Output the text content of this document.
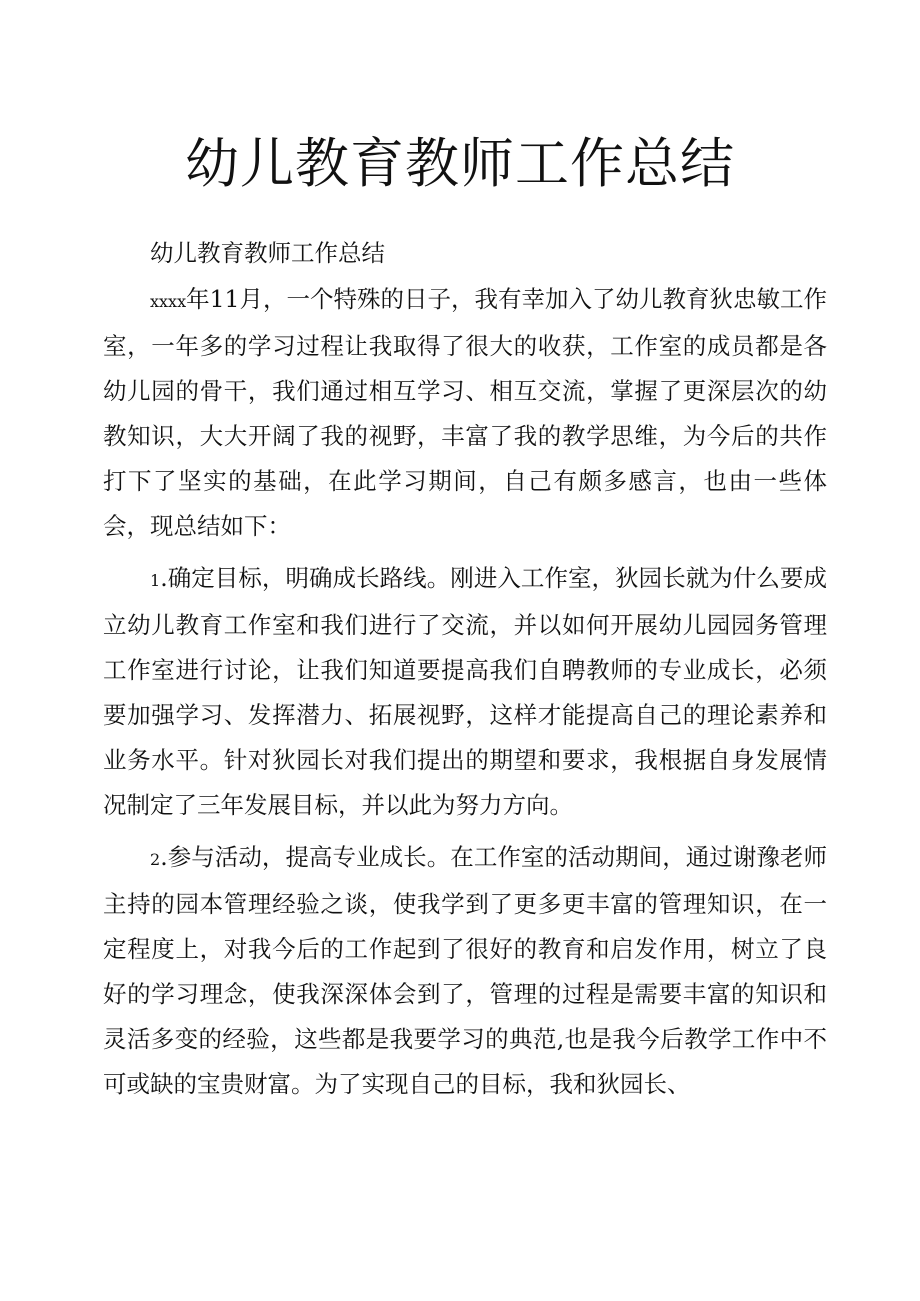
幼儿教育教师工作总结

幼儿教育教师工作总结

xxxx年11月，一个特殊的日子，我有幸加入了幼儿教育狄忠敏工作室，一年多的学习过程让我取得了很大的收获，工作室的成员都是各幼儿园的骨干，我们通过相互学习、相互交流，掌握了更深层次的幼教知识，大大开阔了我的视野，丰富了我的教学思维，为今后的共作打下了坚实的基础，在此学习期间，自己有颇多感言，也由一些体会，现总结如下：

1.确定目标，明确成长路线。刚进入工作室，狄园长就为什么要成立幼儿教育工作室和我们进行了交流，并以如何开展幼儿园园务管理工作室进行讨论，让我们知道要提高我们自聘教师的专业成长，必须要加强学习、发挥潜力、拓展视野，这样才能提高自己的理论素养和业务水平。针对狄园长对我们提出的期望和要求，我根据自身发展情况制定了三年发展目标，并以此为努力方向。

2.参与活动，提高专业成长。在工作室的活动期间，通过谢豫老师主持的园本管理经验之谈，使我学到了更多更丰富的管理知识，在一定程度上，对我今后的工作起到了很好的教育和启发作用，树立了良好的学习理念，使我深深体会到了，管理的过程是需要丰富的知识和灵活多变的经验，这些都是我要学习的典范,也是我今后教学工作中不可或缺的宝贵财富。为了实现自己的目标，我和狄园长、
